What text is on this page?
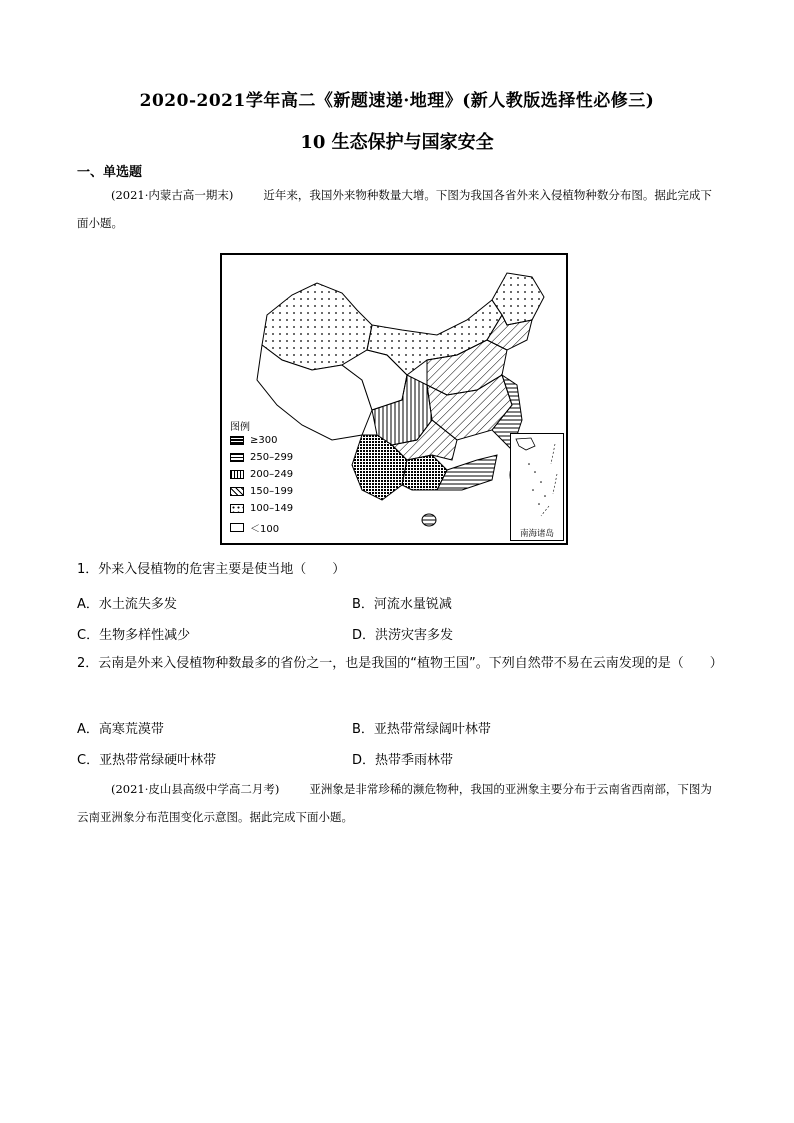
2020-2021学年高二《新题速递·地理》(新人教版选择性必修三)
10 生态保护与国家安全
一、单选题
(2021·内蒙古高一期末)	近年来，我国外来物种数量大增。下图为我国各省外来入侵植物种数分布图。据此完成下面小题。
图例
≥300
250–299
200–249
150–199
100–149
＜100	南海诸岛
1．外来入侵植物的危害主要是使当地（　　）
A．水土流失多发	B．河流水量锐减
C．生物多样性减少	D．洪涝灾害多发
2．云南是外来入侵植物种数最多的省份之一，也是我国的“植物王国”。下列自然带不易在云南发现的是（　　）
A．高寒荒漠带	B．亚热带常绿阔叶林带
C．亚热带常绿硬叶林带	D．热带季雨林带
(2021·皮山县高级中学高二月考)	亚洲象是非常珍稀的濒危物种，我国的亚洲象主要分布于云南省西南部，下图为云南亚洲象分布范围变化示意图。据此完成下面小题。
